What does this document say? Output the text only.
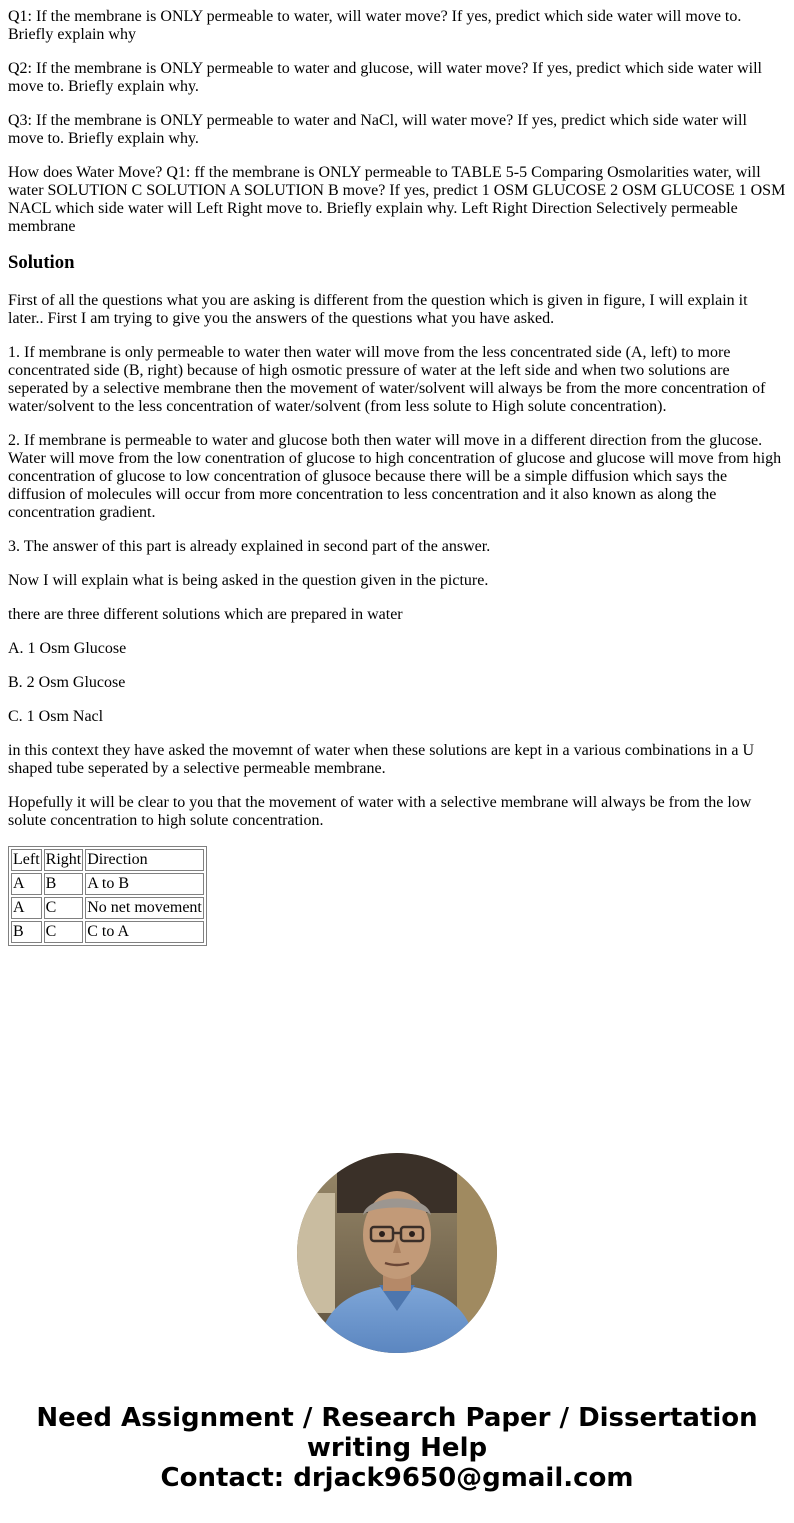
Q1: If the membrane is ONLY permeable to water, will water move? If yes, predict which side water will move to. Briefly explain why

Q2: If the membrane is ONLY permeable to water and glucose, will water move? If yes, predict which side water will move to. Briefly explain why.

Q3: If the membrane is ONLY permeable to water and NaCl, will water move? If yes, predict which side water will move to. Briefly explain why.

How does Water Move? Q1: ff the membrane is ONLY permeable to TABLE 5-5 Comparing Osmolarities water, will water SOLUTION C SOLUTION A SOLUTION B move? If yes, predict 1 OSM GLUCOSE 2 OSM GLUCOSE 1 OSM NACL which side water will Left Right move to. Briefly explain why. Left Right Direction Selectively permeable membrane

Solution

First of all the questions what you are asking is different from the question which is given in figure, I will explain it later.. First I am trying to give you the answers of the questions what you have asked.

1. If membrane is only permeable to water then water will move from the less concentrated side (A, left) to more concentrated side (B, right) because of high osmotic pressure of water at the left side and when two solutions are seperated by a selective membrane then the movement of water/solvent will always be from the more concentration of water/solvent to the less concentration of water/solvent (from less solute to High solute concentration).

2. If membrane is permeable to water and glucose both then water will move in a different direction from the glucose. Water will move from the low conentration of glucose to high concentration of glucose and glucose will move from high concentration of glucose to low concentration of glusoce because there will be a simple diffusion which says the diffusion of molecules will occur from more concentration to less concentration and it also known as along the concentration gradient.

3. The answer of this part is already explained in second part of the answer.

Now I will explain what is being asked in the question given in the picture.

there are three different solutions which are prepared in water

A. 1 Osm Glucose

B. 2 Osm Glucose

C. 1 Osm Nacl

in this context they have asked the movemnt of water when these solutions are kept in a various combinations in a U shaped tube seperated by a selective permeable membrane.

Hopefully it will be clear to you that the movement of water with a selective membrane will always be from the low solute concentration to high solute concentration.

Left	Right	Direction
A	B	A to B
A	C	No net movement
B	C	C to A
Need Assignment / Research Paper / Dissertation
writing Help
Contact: drjack9650@gmail.com
